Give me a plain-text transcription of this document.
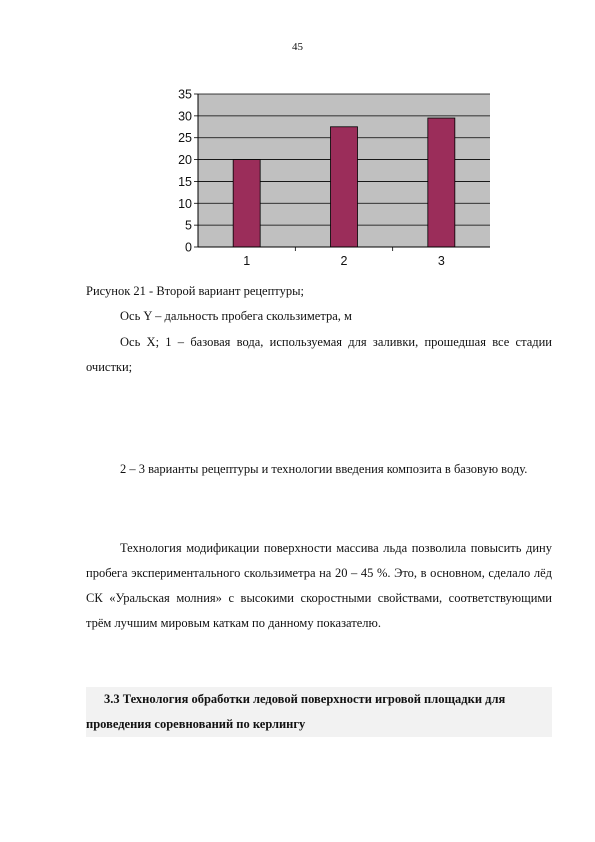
45
0
5
10
15
20
25
30
35
1	2	3
Рисунок 21 - Второй вариант рецептуры;
Ось Y – дальность пробега скользиметра, м
Ось X; 1 – базовая вода, используемая для заливки, прошедшая все стадии очистки;
2 – 3 варианты рецептуры и технологии введения композита в базовую воду.
Технология модификации поверхности массива льда позволила повысить дину пробега экспериментального скользиметра на 20 – 45 %. Это, в основном, сделало лёд СК «Уральская молния» с высокими скоростными свойствами, соответствующими трём лучшим мировым каткам по данному показателю.
3.3 Технология обработки ледовой поверхности игровой площадки для проведения соревнований по керлингу
